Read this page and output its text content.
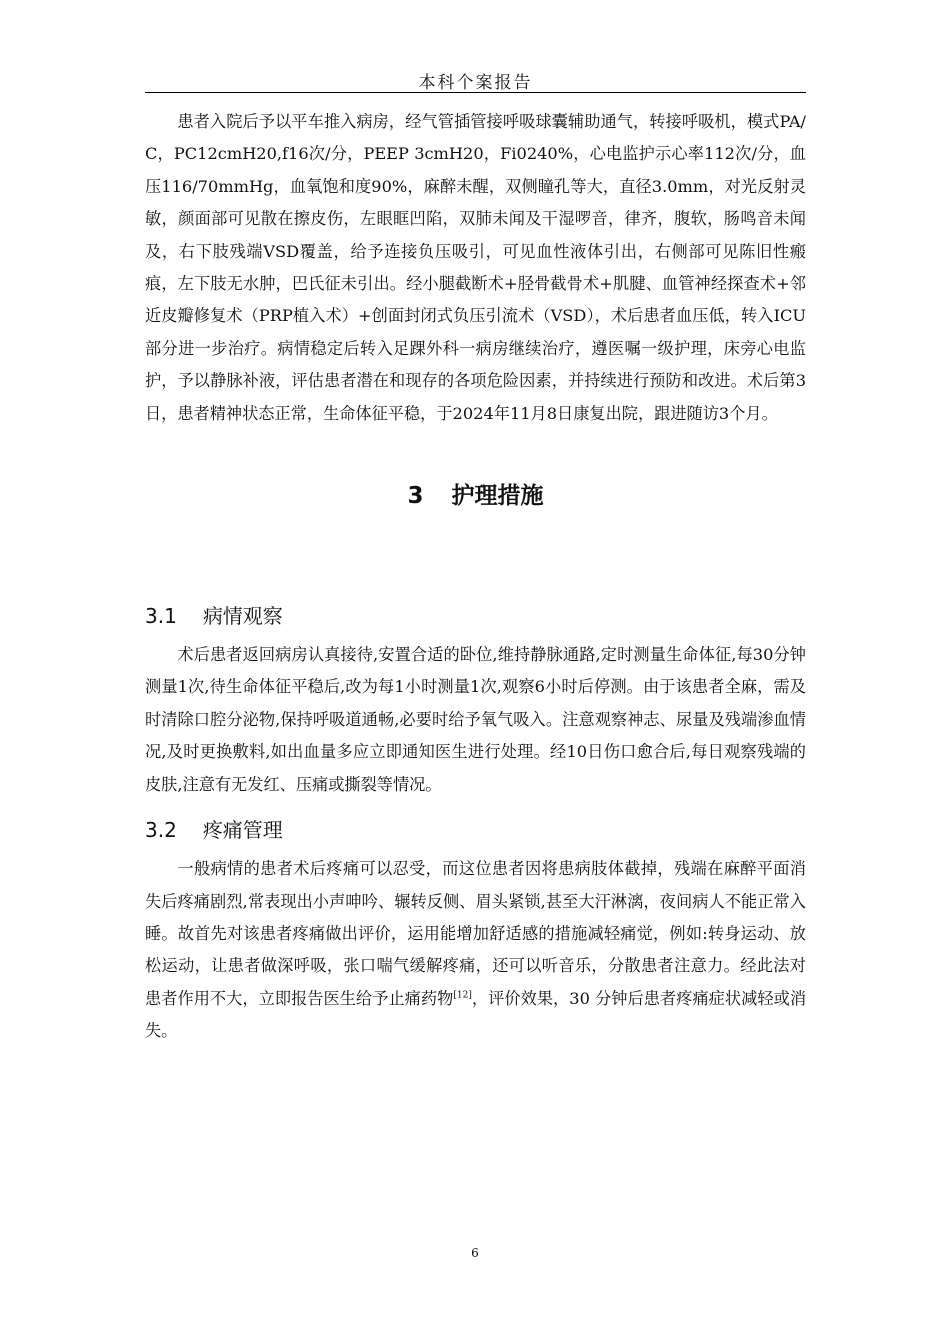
本科个案报告

患者入院后予以平车推入病房，经气管插管接呼吸球囊辅助通气，转接呼吸机，模式PA/C，PC12cmH20,f16次/分，PEEP 3cmH20，Fi0240%，心电监护示心率112次/分，血压116/70mmHg，血氧饱和度90%，麻醉未醒，双侧瞳孔等大，直径3.0mm，对光反射灵敏，颜面部可见散在擦皮伤，左眼眶凹陷，双肺未闻及干湿啰音，律齐，腹软，肠鸣音未闻及，右下肢残端VSD覆盖，给予连接负压吸引，可见血性液体引出，右侧部可见陈旧性瘢痕，左下肢无水肿，巴氏征未引出。经小腿截断术+胫骨截骨术+肌腱、血管神经探查术+邻近皮瓣修复术（PRP植入术）+创面封闭式负压引流术（VSD），术后患者血压低，转入ICU部分进一步治疗。病情稳定后转入足踝外科一病房继续治疗，遵医嘱一级护理，床旁心电监护，予以静脉补液，评估患者潜在和现存的各项危险因素，并持续进行预防和改进。术后第3日，患者精神状态正常，生命体征平稳，于2024年11月8日康复出院，跟进随访3个月。

3 护理措施
3.1 病情观察

术后患者返回病房认真接待,安置合适的卧位,维持静脉通路,定时测量生命体征,每30分钟测量1次,待生命体征平稳后,改为每1小时测量1次,观察6小时后停测。由于该患者全麻，需及时清除口腔分泌物,保持呼吸道通畅,必要时给予氧气吸入。注意观察神志、尿量及残端渗血情况,及时更换敷料,如出血量多应立即通知医生进行处理。经10日伤口愈合后,每日观察残端的皮肤,注意有无发红、压痛或撕裂等情况。

3.2 疼痛管理

一般病情的患者术后疼痛可以忍受，而这位患者因将患病肢体截掉，残端在麻醉平面消失后疼痛剧烈,常表现出小声呻吟、辗转反侧、眉头紧锁,甚至大汗淋漓，夜间病人不能正常入睡。故首先对该患者疼痛做出评价，运用能增加舒适感的措施减轻痛觉，例如:转身运动、放松运动，让患者做深呼吸，张口喘气缓解疼痛，还可以听音乐，分散患者注意力。经此法对患者作用不大，立即报告医生给予止痛药物[12]，评价效果，30 分钟后患者疼痛症状减轻或消失。

6
